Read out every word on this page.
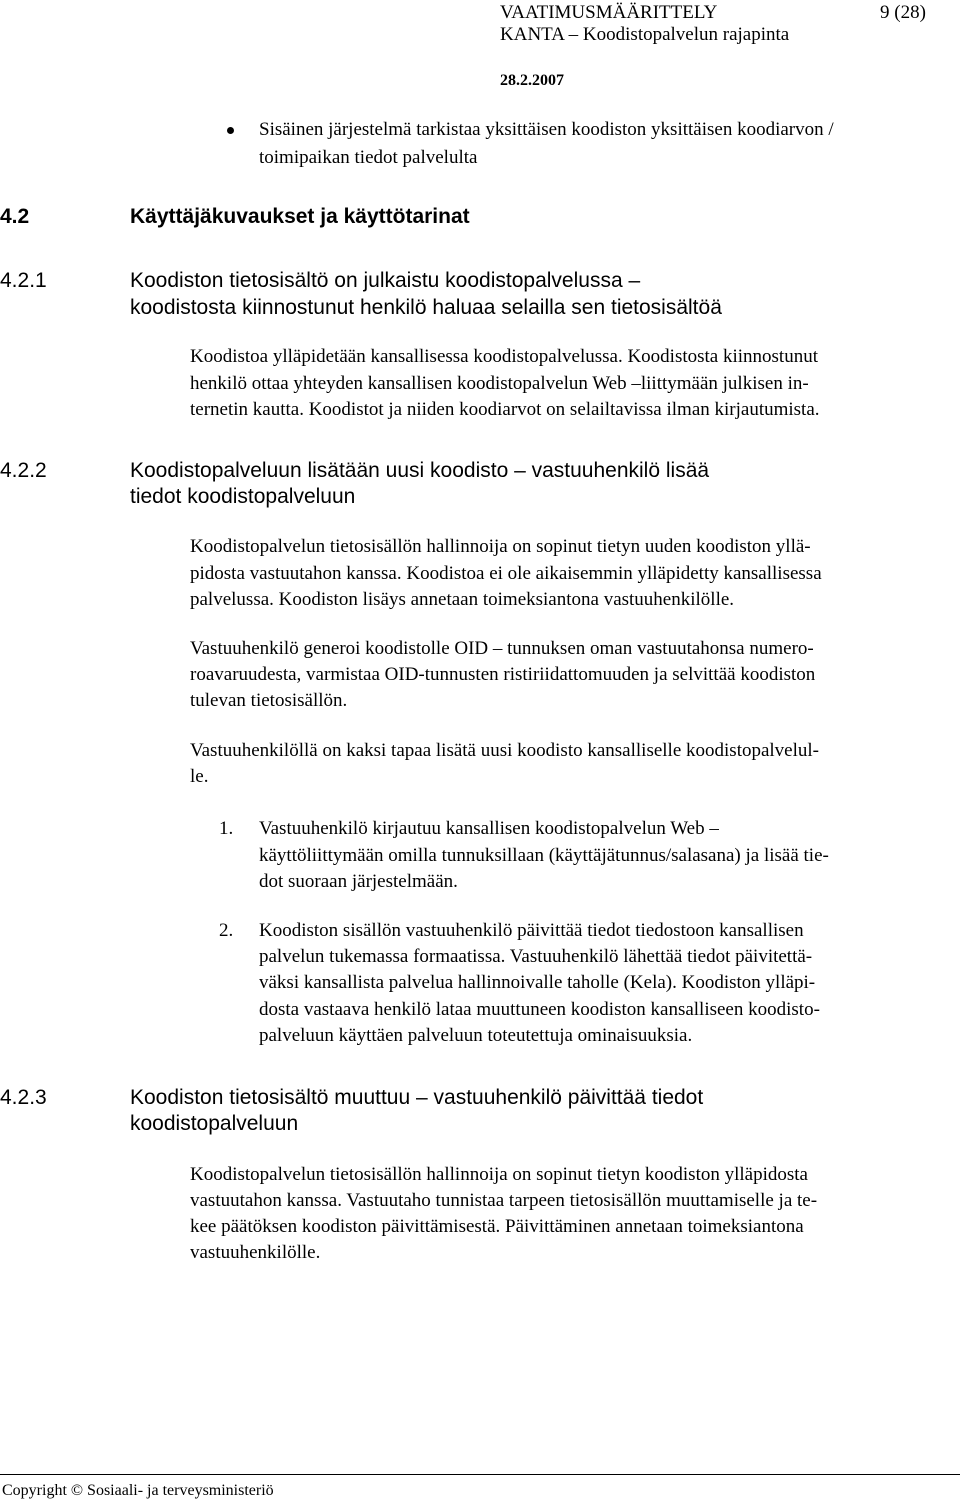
VAATIMUSMÄÄRITTELY	9 (28)
KANTA – Koodistopalvelun rajapinta
28.2.2007
Sisäinen järjestelmä tarkistaa yksittäisen koodiston yksittäisen koodiarvon /
toimipaikan tiedot palvelulta
4.2	Käyttäjäkuvaukset ja käyttötarinat
4.2.1	Koodiston tietosisältö on julkaistu koodistopalvelussa –
koodistosta kiinnostunut henkilö haluaa selailla sen tietosisältöä
Koodistoa ylläpidetään kansallisessa koodistopalvelussa. Koodistosta kiinnostunut
henkilö ottaa yhteyden kansallisen koodistopalvelun Web –liittymään julkisen in-
ternetin kautta. Koodistot ja niiden koodiarvot on selailtavissa ilman kirjautumista.
4.2.2	Koodistopalveluun lisätään uusi koodisto – vastuuhenkilö lisää
tiedot koodistopalveluun
Koodistopalvelun tietosisällön hallinnoija on sopinut tietyn uuden koodiston yllä-
pidosta vastuutahon kanssa. Koodistoa ei ole aikaisemmin ylläpidetty kansallisessa
palvelussa. Koodiston lisäys annetaan toimeksiantona vastuuhenkilölle.
Vastuuhenkilö generoi koodistolle OID – tunnuksen oman vastuutahonsa numero-
roavaruudesta, varmistaa OID-tunnusten ristiriidattomuuden ja selvittää koodiston
tulevan tietosisällön.
Vastuuhenkilöllä on kaksi tapaa lisätä uusi koodisto kansalliselle koodistopalvelul-
le.
1. Vastuuhenkilö kirjautuu kansallisen koodistopalvelun Web –
käyttöliittymään omilla tunnuksillaan (käyttäjätunnus/salasana) ja lisää tie-
dot suoraan järjestelmään.
2. Koodiston sisällön vastuuhenkilö päivittää tiedot tiedostoon kansallisen
palvelun tukemassa formaatissa. Vastuuhenkilö lähettää tiedot päivitettä-
väksi kansallista palvelua hallinnoivalle taholle (Kela). Koodiston ylläpi-
dosta vastaava henkilö lataa muuttuneen koodiston kansalliseen koodisto-
palveluun käyttäen palveluun toteutettuja ominaisuuksia.
4.2.3	Koodiston tietosisältö muuttuu – vastuuhenkilö päivittää tiedot
koodistopalveluun
Koodistopalvelun tietosisällön hallinnoija on sopinut tietyn koodiston ylläpidosta
vastuutahon kanssa. Vastuutaho tunnistaa tarpeen tietosisällön muuttamiselle ja te-
kee päätöksen koodiston päivittämisestä. Päivittäminen annetaan toimeksiantona
vastuuhenkilölle.
Copyright © Sosiaali- ja terveysministeriö
